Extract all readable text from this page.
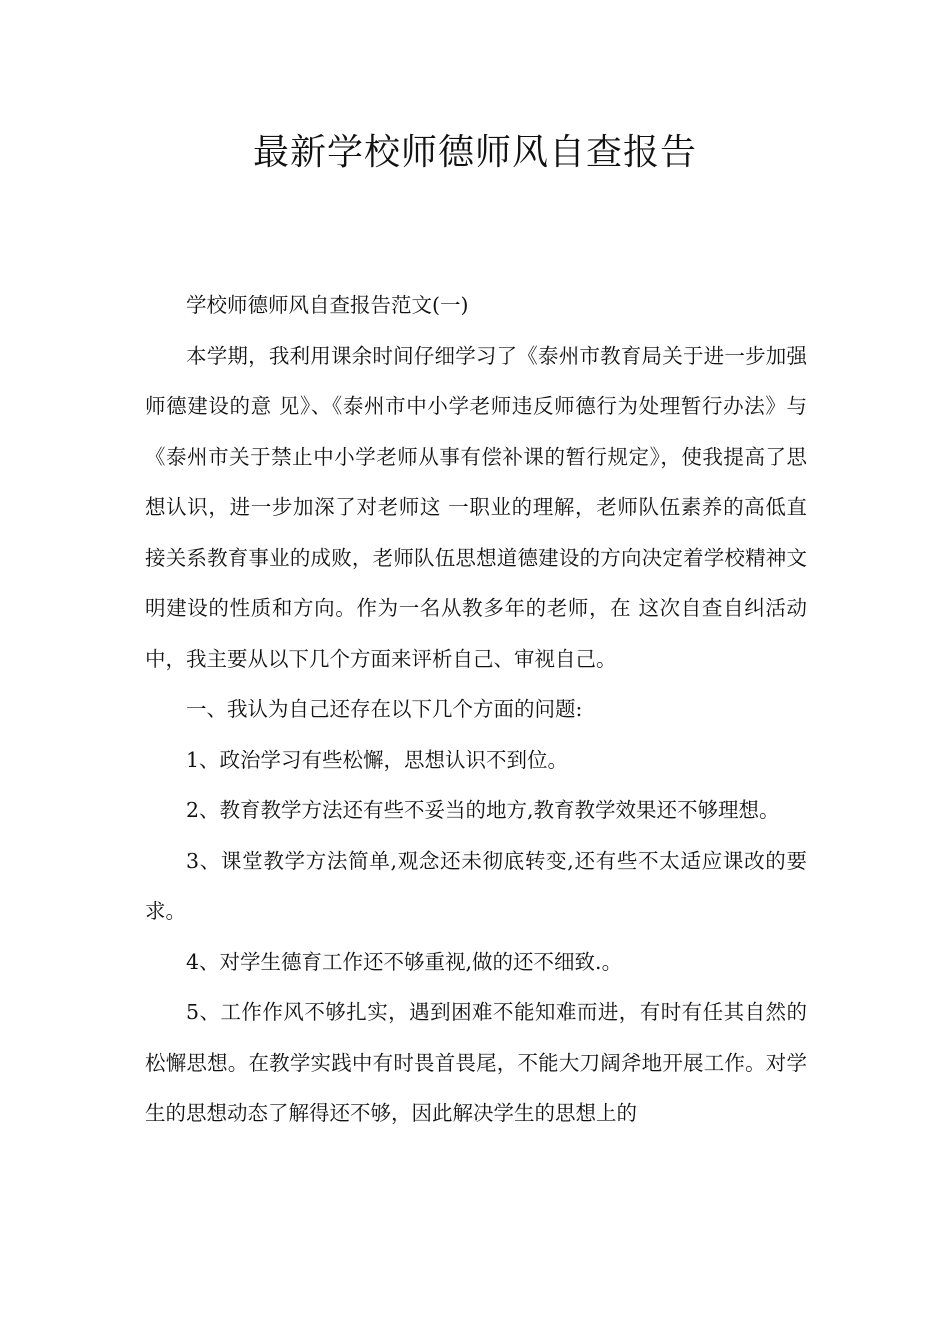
最新学校师德师风自查报告

学校师德师风自查报告范文(一)

本学期，我利用课余时间仔细学习了《泰州市教育局关于进一步加强师德建设的意 见》、《泰州市中小学老师违反师德行为处理暂行办法》与《泰州市关于禁止中小学老师从事有偿补课的暂行规定》，使我提高了思想认识，进一步加深了对老师这 一职业的理解，老师队伍素养的高低直接关系教育事业的成败，老师队伍思想道德建设的方向决定着学校精神文明建设的性质和方向。作为一名从教多年的老师，在 这次自查自纠活动中，我主要从以下几个方面来评析自己、审视自己。

一、我认为自己还存在以下几个方面的问题:

1、政治学习有些松懈，思想认识不到位。

2、教育教学方法还有些不妥当的地方,教育教学效果还不够理想。

3、课堂教学方法简单,观念还未彻底转变,还有些不太适应课改的要求。

4、对学生德育工作还不够重视,做的还不细致.。

5、工作作风不够扎实，遇到困难不能知难而进，有时有任其自然的松懈思想。在教学实践中有时畏首畏尾，不能大刀阔斧地开展工作。对学生的思想动态了解得还不够，因此解决学生的思想上的
